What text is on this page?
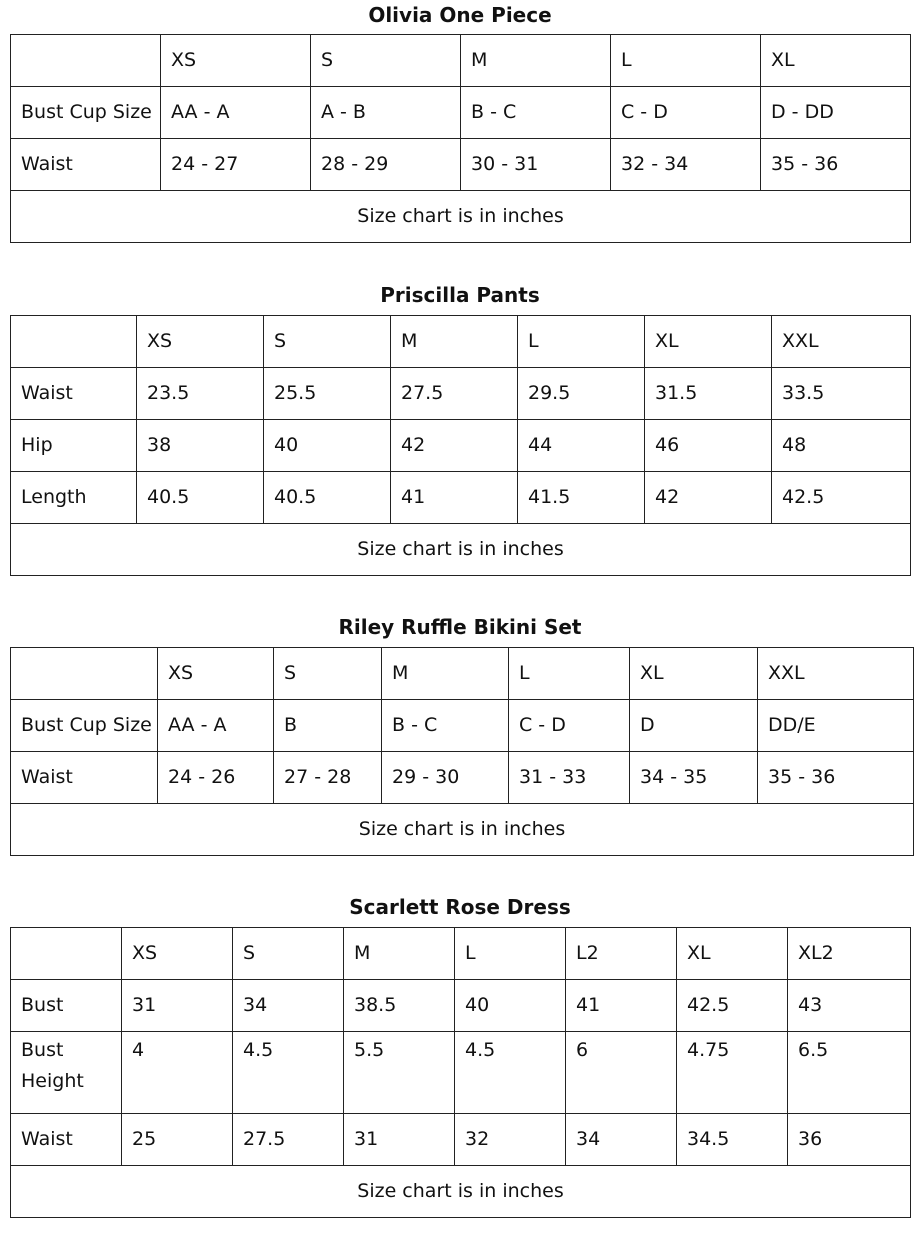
Olivia One Piece
	XS	S	M	L	XL
Bust Cup Size	AA - A	A - B	B - C	C - D	D - DD
Waist	24 - 27	28 - 29	30 - 31	32 - 34	35 - 36
Size chart is in inches					
Priscilla Pants
	XS	S	M	L	XL	XXL
Waist	23.5	25.5	27.5	29.5	31.5	33.5
Hip	38	40	42	44	46	48
Length	40.5	40.5	41	41.5	42	42.5
Size chart is in inches						
Riley Ruffle Bikini Set
	XS	S	M	L	XL	XXL
Bust Cup Size	AA - A	B	B - C	C - D	D	DD/E
Waist	24 - 26	27 - 28	29 - 30	31 - 33	34 - 35	35 - 36
Size chart is in inches						
Scarlett Rose Dress
	XS	S	M	L	L2	XL	XL2
Bust	31	34	38.5	40	41	42.5	43
Bust Height	4	4.5	5.5	4.5	6	4.75	6.5
Waist	25	27.5	31	32	34	34.5	36
Size chart is in inches							
